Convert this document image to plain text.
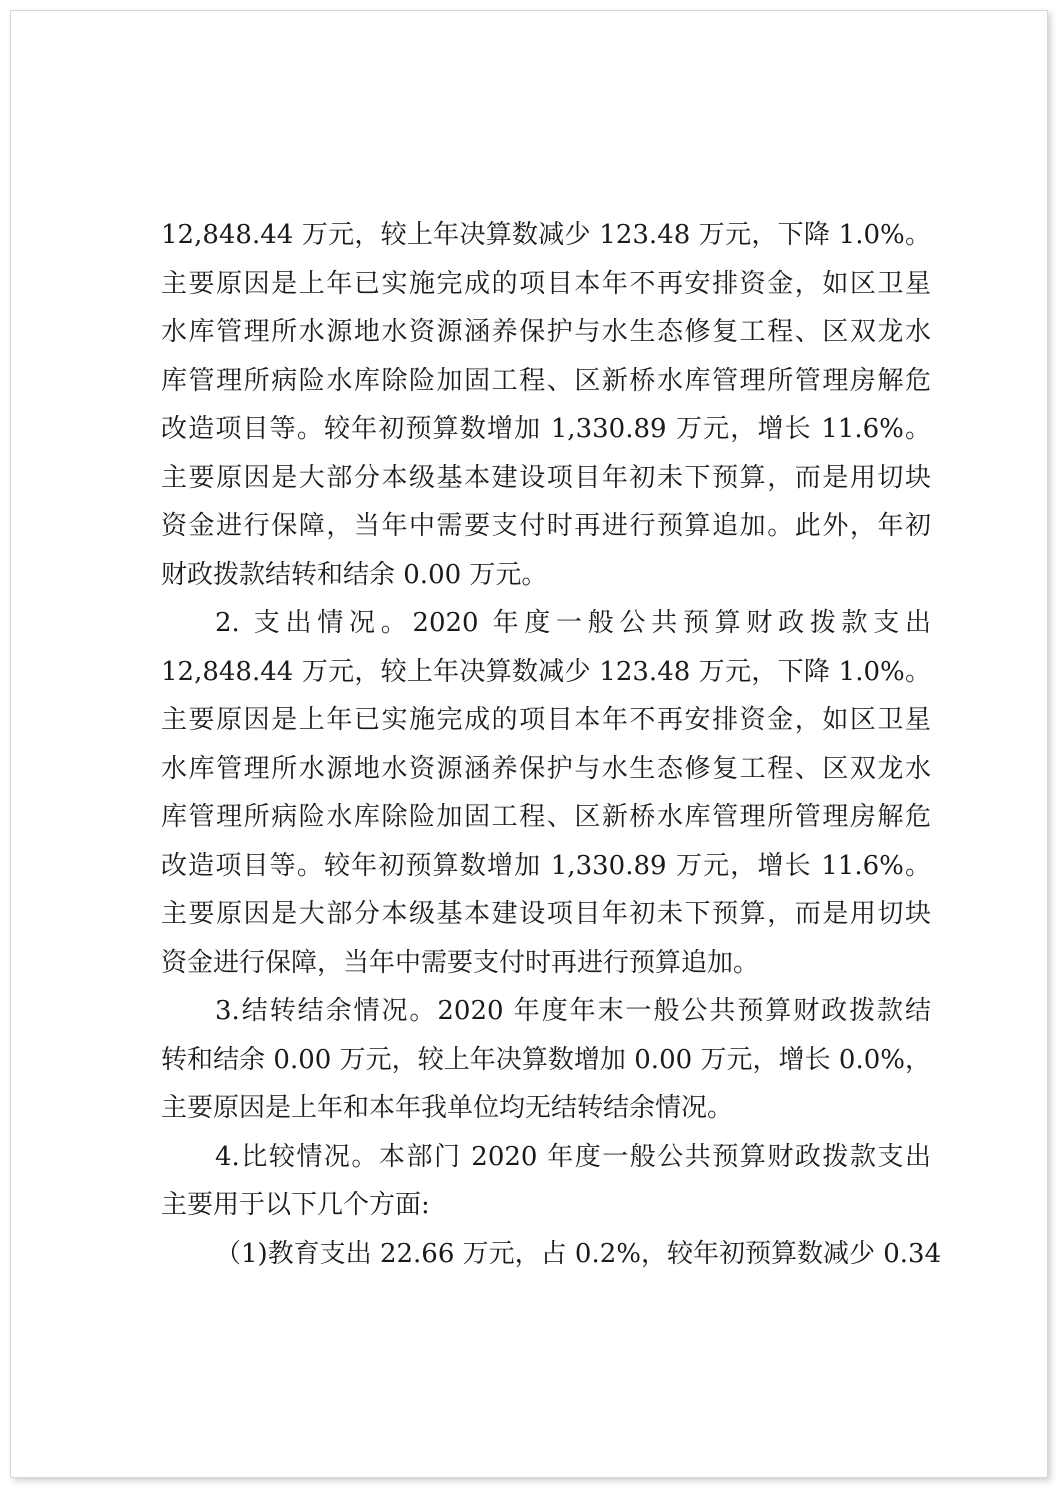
12,848.44 万元，较上年决算数减少 123.48 万元，下降 1.0%。
主要原因是上年已实施完成的项目本年不再安排资金，如区卫星
水库管理所水源地水资源涵养保护与水生态修复工程、区双龙水
库管理所病险水库除险加固工程、区新桥水库管理所管理房解危
改造项目等。较年初预算数增加 1,330.89 万元，增长 11.6%。
主要原因是大部分本级基本建设项目年初未下预算，而是用切块
资金进行保障，当年中需要支付时再进行预算追加。此外，年初
财政拨款结转和结余 0.00 万元。
2. 支出情况。2020 年度一般公共预算财政拨款支出
12,848.44 万元，较上年决算数减少 123.48 万元，下降 1.0%。
主要原因是上年已实施完成的项目本年不再安排资金，如区卫星
水库管理所水源地水资源涵养保护与水生态修复工程、区双龙水
库管理所病险水库除险加固工程、区新桥水库管理所管理房解危
改造项目等。较年初预算数增加 1,330.89 万元，增长 11.6%。
主要原因是大部分本级基本建设项目年初未下预算，而是用切块
资金进行保障，当年中需要支付时再进行预算追加。
3.结转结余情况。2020 年度年末一般公共预算财政拨款结
转和结余 0.00 万元，较上年决算数增加 0.00 万元，增长 0.0%，
主要原因是上年和本年我单位均无结转结余情况。
4.比较情况。本部门 2020 年度一般公共预算财政拨款支出
主要用于以下几个方面:
（1)教育支出 22.66 万元，占 0.2%，较年初预算数减少 0.34
